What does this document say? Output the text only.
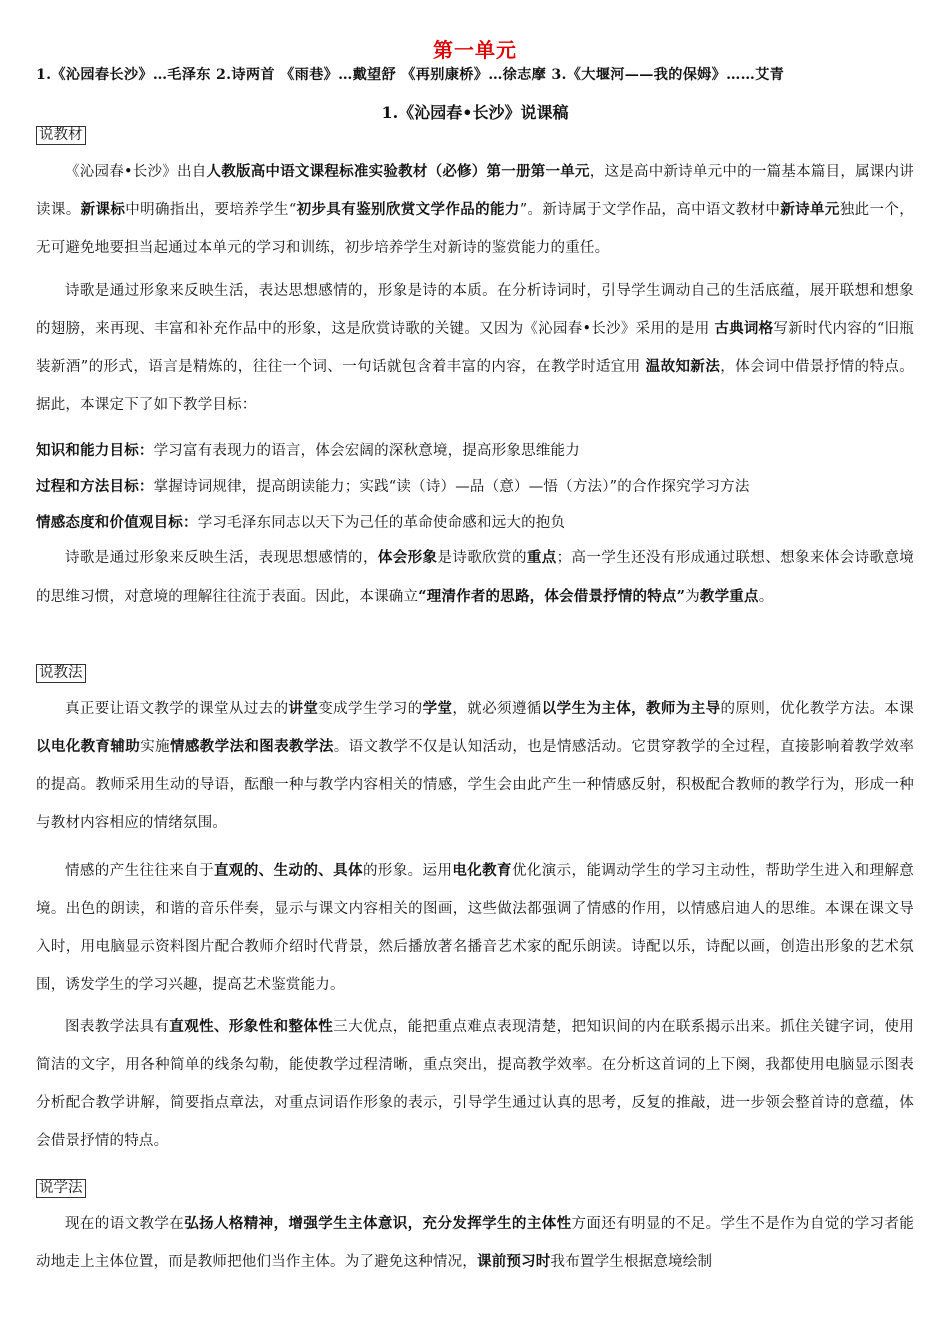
第一单元
1.《沁园春长沙》…毛泽东 2.诗两首 《雨巷》…戴望舒 《再别康桥》…徐志摩 3.《大堰河——我的保姆》……艾青
1.《沁园春•长沙》说课稿
说教材
《沁园春•长沙》出自人教版高中语文课程标准实验教材（必修）第一册第一单元，这是高中新诗单元中的一篇基本篇目，属课内讲读课。新课标中明确指出，要培养学生“初步具有鉴别欣赏文学作品的能力”。新诗属于文学作品，高中语文教材中新诗单元独此一个，无可避免地要担当起通过本单元的学习和训练，初步培养学生对新诗的鉴赏能力的重任。
诗歌是通过形象来反映生活，表达思想感情的，形象是诗的本质。在分析诗词时，引导学生调动自己的生活底蕴，展开联想和想象的翅膀，来再现、丰富和补充作品中的形象，这是欣赏诗歌的关键。又因为《沁园春•长沙》采用的是用 古典词格写新时代内容的“旧瓶装新酒”的形式，语言是精炼的，往往一个词、一句话就包含着丰富的内容，在教学时适宜用 温故知新法，体会词中借景抒情的特点。据此，本课定下了如下教学目标：
知识和能力目标：学习富有表现力的语言，体会宏阔的深秋意境，提高形象思维能力
过程和方法目标：掌握诗词规律，提高朗读能力；实践“读（诗）—品（意）—悟（方法）”的合作探究学习方法
情感态度和价值观目标：学习毛泽东同志以天下为己任的革命使命感和远大的抱负
诗歌是通过形象来反映生活，表现思想感情的，体会形象是诗歌欣赏的重点；高一学生还没有形成通过联想、想象来体会诗歌意境的思维习惯，对意境的理解往往流于表面。因此，本课确立“理清作者的思路，体会借景抒情的特点”为教学重点。
说教法
真正要让语文教学的课堂从过去的讲堂变成学生学习的学堂，就必须遵循以学生为主体，教师为主导的原则，优化教学方法。本课以电化教育辅助实施情感教学法和图表教学法。语文教学不仅是认知活动，也是情感活动。它贯穿教学的全过程，直接影响着教学效率的提高。教师采用生动的导语，酝酿一种与教学内容相关的情感，学生会由此产生一种情感反射，积极配合教师的教学行为，形成一种与教材内容相应的情绪氛围。
情感的产生往往来自于直观的、生动的、具体的形象。运用电化教育优化演示，能调动学生的学习主动性，帮助学生进入和理解意境。出色的朗读，和谐的音乐伴奏，显示与课文内容相关的图画，这些做法都强调了情感的作用，以情感启迪人的思维。本课在课文导入时，用电脑显示资料图片配合教师介绍时代背景，然后播放著名播音艺术家的配乐朗读。诗配以乐，诗配以画，创造出形象的艺术氛围，诱发学生的学习兴趣，提高艺术鉴赏能力。
图表教学法具有直观性、形象性和整体性三大优点，能把重点难点表现清楚，把知识间的内在联系揭示出来。抓住关键字词，使用简洁的文字，用各种简单的线条勾勒，能使教学过程清晰，重点突出，提高教学效率。在分析这首词的上下阕，我都使用电脑显示图表分析配合教学讲解，简要指点章法，对重点词语作形象的表示，引导学生通过认真的思考，反复的推敲，进一步领会整首诗的意蕴，体会借景抒情的特点。
说学法
现在的语文教学在弘扬人格精神，增强学生主体意识，充分发挥学生的主体性方面还有明显的不足。学生不是作为自觉的学习者能动地走上主体位置，而是教师把他们当作主体。为了避免这种情况，课前预习时我布置学生根据意境绘制
